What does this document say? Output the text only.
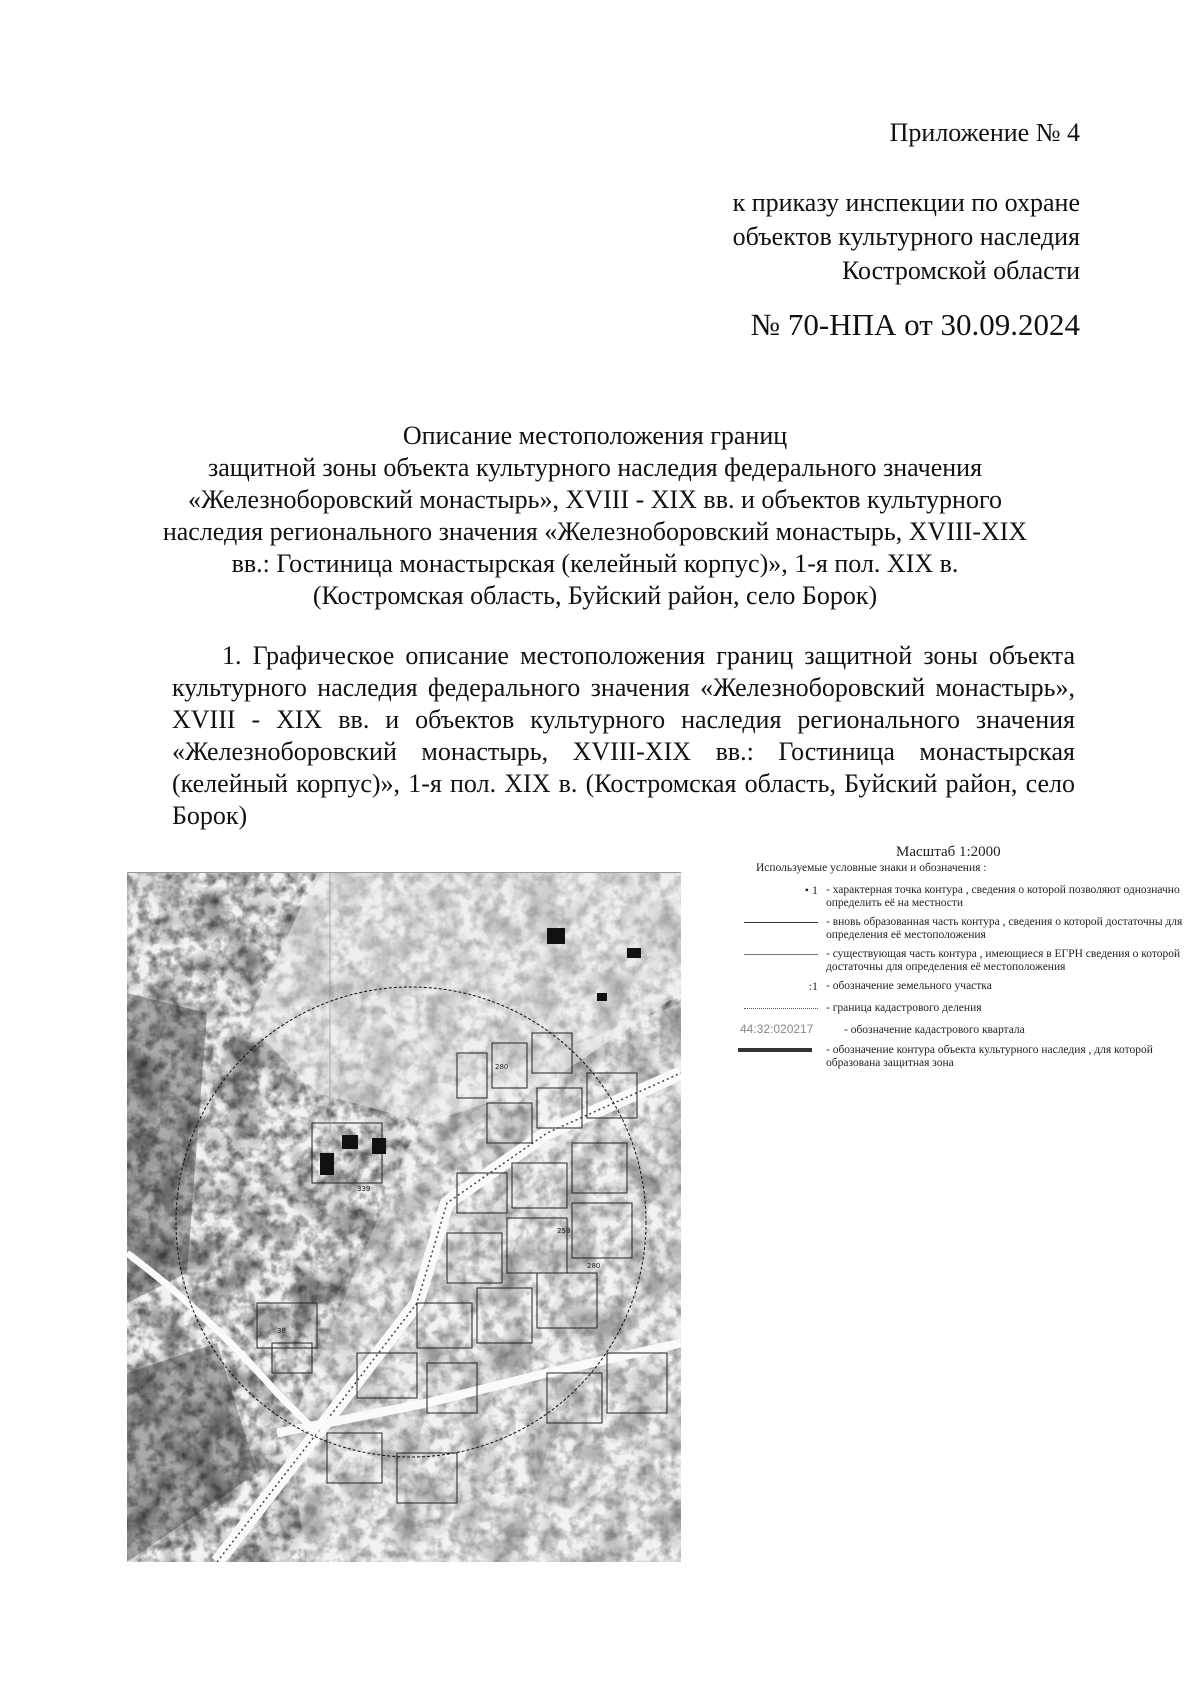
Приложение № 4
к приказу инспекции по охране
объектов культурного наследия
Костромской области
№ 70-НПА от 30.09.2024
Описание местоположения границ
защитной зоны объекта культурного наследия федерального значения
«Железноборовский монастырь», XVIII - XIX вв. и объектов культурного
наследия регионального значения «Железноборовский монастырь, XVIII-XIX
вв.: Гостиница монастырская (келейный корпус)», 1-я пол. XIX в.
(Костромская область, Буйский район, село Борок)
1. Графическое описание местоположения границ защитной зоны объекта
культурного наследия федерального значения «Железноборовский монастырь»,
XVIII - XIX вв. и объектов культурного наследия регионального значения
«Железноборовский монастырь, XVIII-XIX вв.: Гостиница монастырская
(келейный корпус)», 1-я пол. XIX в. (Костромская область, Буйский район, село
Борок)
339
280
259
280
38
Масштаб 1:2000
Используемые условные знаки и обозначения :
• 1 - характерная точка контура , сведения о которой позволяют однозначно определить её на местности
- вновь образованная часть контура , сведения о которой достаточны для определения её местоположения
- существующая часть контура , имеющиеся в ЕГРН сведения о которой достаточны для определения её местоположения
:1 - обозначение земельного участка
- граница кадастрового деления
44:32:020217	- обозначение кадастрового квартала
- обозначение контура объекта культурного наследия , для которой образована защитная зона
